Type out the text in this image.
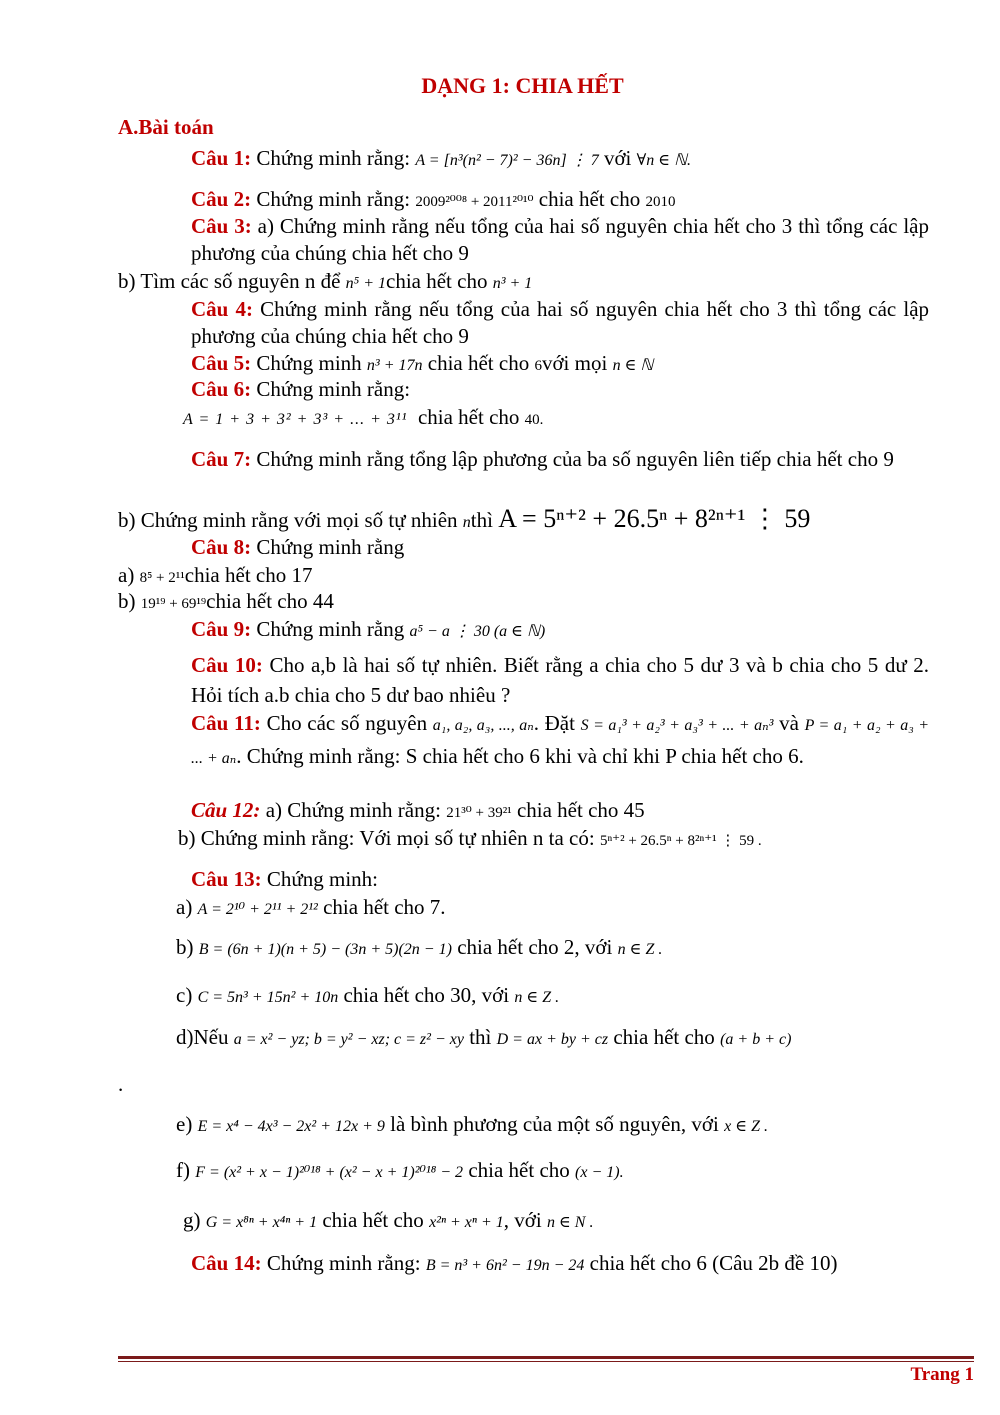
DẠNG 1: CHIA HẾT
A.Bài toán
Câu 1: Chứng minh rằng: A = [n³(n² − 7)² − 36n] ⋮ 7 với ∀n ∈ ℕ.
Câu 2: Chứng minh rằng: 2009²⁰⁰⁸ + 2011²⁰¹⁰ chia hết cho 2010
Câu 3: a) Chứng minh rằng nếu tổng của hai số nguyên chia hết cho 3 thì tổng các lập phương của chúng chia hết cho 9
b) Tìm các số nguyên n để n⁵ + 1chia hết cho n³ + 1
Câu 4: Chứng minh rằng nếu tổng của hai số nguyên chia hết cho 3 thì tổng các lập phương của chúng chia hết cho 9
Câu 5: Chứng minh n³ + 17n chia hết cho 6với mọi n ∈ ℕ
Câu 6: Chứng minh rằng:
A = 1 + 3 + 3² + 3³ + ... + 3¹¹ chia hết cho 40.
Câu 7: Chứng minh rằng tổng lập phương của ba số nguyên liên tiếp chia hết cho 9
b) Chứng minh rằng với mọi số tự nhiên nthì A = 5ⁿ⁺² + 26.5ⁿ + 8²ⁿ⁺¹ ⋮ 59
Câu 8: Chứng minh rằng
a) 8⁵ + 2¹¹chia hết cho 17
b) 19¹⁹ + 69¹⁹chia hết cho 44
Câu 9: Chứng minh rằng a⁵ − a ⋮ 30 (a ∈ ℕ)
Câu 10: Cho a,b là hai số tự nhiên. Biết rằng a chia cho 5 dư 3 và b chia cho 5 dư 2. Hỏi tích a.b chia cho 5 dư bao nhiêu ?
Câu 11: Cho các số nguyên a₁, a₂, a₃, ..., aₙ. Đặt S = a₁³ + a₂³ + a₃³ + ... + aₙ³ và P = a₁ + a₂ + a₃ + ... + aₙ. Chứng minh rằng: S chia hết cho 6 khi và chỉ khi P chia hết cho 6.
Câu 12: a) Chứng minh rằng: 21³⁰ + 39²¹ chia hết cho 45
b) Chứng minh rằng: Với mọi số tự nhiên n ta có: 5ⁿ⁺² + 26.5ⁿ + 8²ⁿ⁺¹ ⋮ 59 .
Câu 13: Chứng minh:
a) A = 2¹⁰ + 2¹¹ + 2¹² chia hết cho 7.
b) B = (6n + 1)(n + 5) − (3n + 5)(2n − 1) chia hết cho 2, với n ∈ Z .
c) C = 5n³ + 15n² + 10n chia hết cho 30, với n ∈ Z .
d)Nếu a = x² − yz; b = y² − xz; c = z² − xy thì D = ax + by + cz chia hết cho (a + b + c)
.
e) E = x⁴ − 4x³ − 2x² + 12x + 9 là bình phương của một số nguyên, với x ∈ Z .
f) F = (x² + x − 1)²⁰¹⁸ + (x² − x + 1)²⁰¹⁸ − 2 chia hết cho (x − 1).
g) G = x⁸ⁿ + x⁴ⁿ + 1 chia hết cho x²ⁿ + xⁿ + 1, với n ∈ N .
Câu 14: Chứng minh rằng: B = n³ + 6n² − 19n − 24 chia hết cho 6 (Câu 2b đề 10)
Trang 1
